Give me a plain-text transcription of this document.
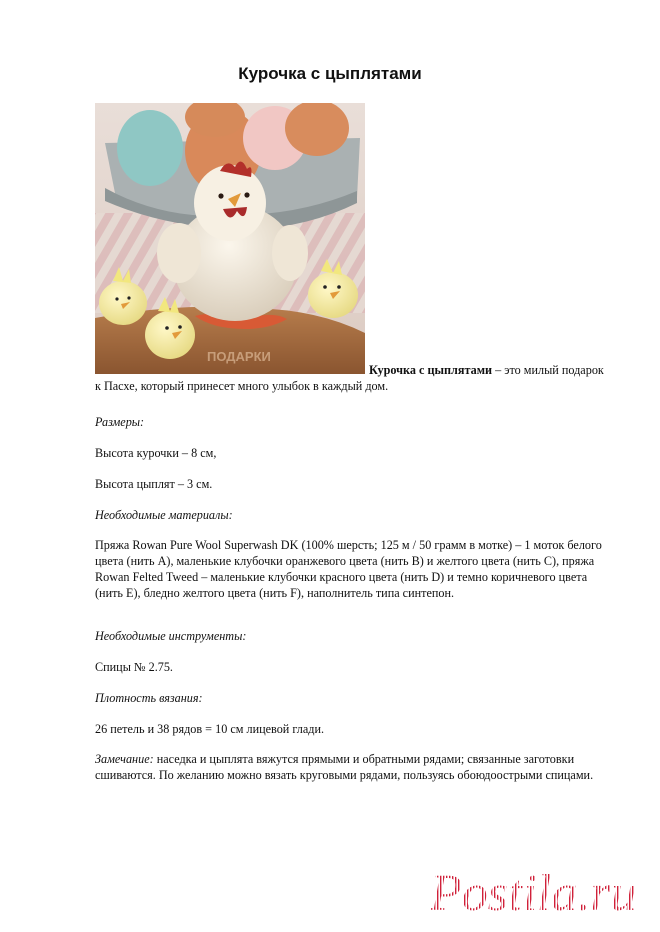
Курочка с цыплятами
ПОДАРКИ

Курочка с цыплятами – это милый подарок к Пасхе, который принесет много улыбок в каждый дом.

Размеры:

Высота курочки – 8 см,

Высота цыплят – 3 см.

Необходимые материалы:

Пряжа Rowan Pure Wool Superwash DK (100% шерсть; 125 м / 50 грамм в мотке) – 1 моток белого цвета (нить А), маленькие клубочки оранжевого цвета (нить В) и желтого цвета (нить С), пряжа Rowan Felted Tweed – маленькие клубочки красного цвета (нить D) и темно коричневого цвета (нить Е), бледно желтого цвета (нить F), наполнитель типа синтепон.

Необходимые инструменты:

Спицы № 2.75.

Плотность вязания:

26 петель и 38 рядов = 10 см лицевой глади.

Замечание: наседка и цыплята вяжутся прямыми и обратными рядами; связанные заготовки сшиваются. По желанию можно вязать круговыми рядами, пользуясь обоюдоострыми спицами.

Postila.ru
